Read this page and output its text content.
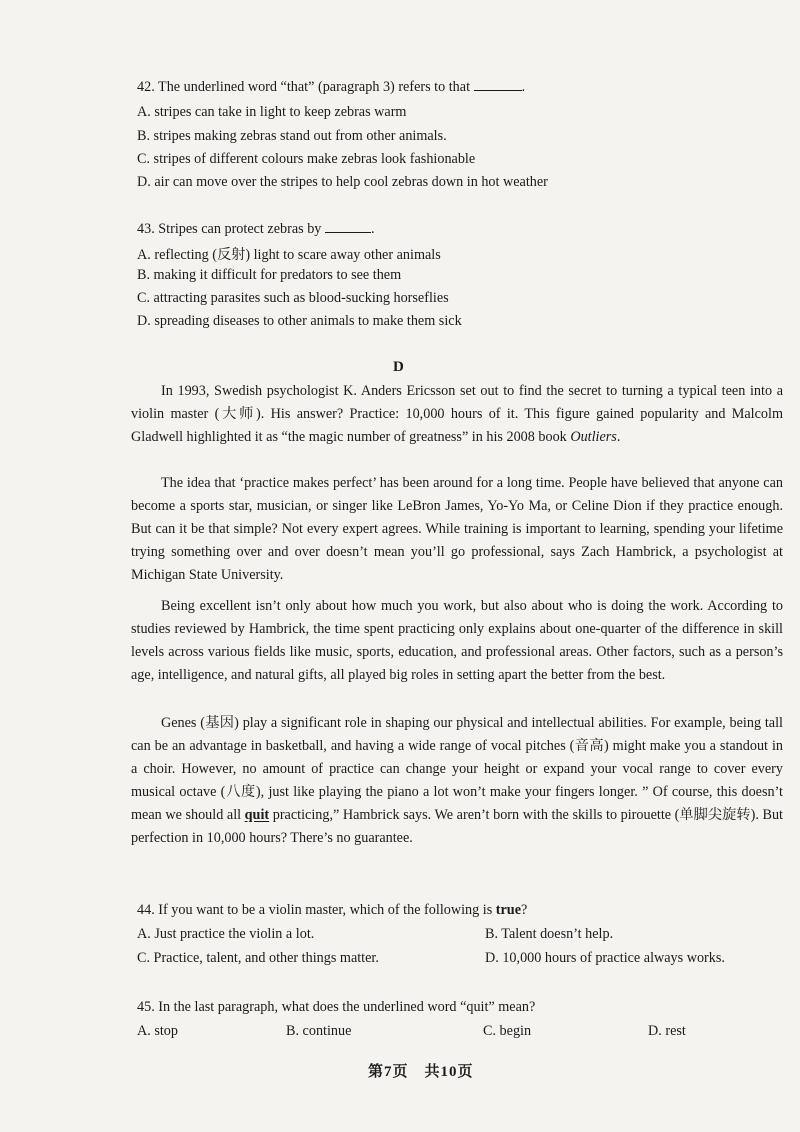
42. The underlined word “that” (paragraph 3) refers to that	.
A. stripes can take in light to keep zebras warm
B. stripes making zebras stand out from other animals.
C. stripes of different colours make zebras look fashionable
D. air can move over the stripes to help cool zebras down in hot weather
43. Stripes can protect zebras by	.
A. reflecting (反射) light to scare away other animals
B. making it difficult for predators to see them
C. attracting parasites such as blood-sucking horseflies
D. spreading diseases to other animals to make them sick
D

In 1993, Swedish psychologist K. Anders Ericsson set out to find the secret to turning a typical teen into a violin master (大师). His answer? Practice: 10,000 hours of it. This figure gained popularity and Malcolm Gladwell highlighted it as “the magic number of greatness” in his 2008 book Outliers.

The idea that ‘practice makes perfect’ has been around for a long time. People have believed that anyone can become a sports star, musician, or singer like LeBron James, Yo-Yo Ma, or Celine Dion if they practice enough. But can it be that simple? Not every expert agrees. While training is important to learning, spending your lifetime trying something over and over doesn’t mean you’ll go professional, says Zach Hambrick, a psychologist at Michigan State University.

Being excellent isn’t only about how much you work, but also about who is doing the work. According to studies reviewed by Hambrick, the time spent practicing only explains about one-quarter of the difference in skill levels across various fields like music, sports, education, and professional areas. Other factors, such as a person’s age, intelligence, and natural gifts, all played big roles in setting apart the better from the best.

Genes (基因) play a significant role in shaping our physical and intellectual abilities. For example, being tall can be an advantage in basketball, and having a wide range of vocal pitches (音高) might make you a standout in a choir. However, no amount of practice can change your height or expand your vocal range to cover every musical octave (八度), just like playing the piano a lot won’t make your fingers longer. ” Of course, this doesn’t mean we should all quit practicing,” Hambrick says. We aren’t born with the skills to pirouette (单脚尖旋转). But perfection in 10,000 hours? There’s no guarantee.

44. If you want to be a violin master, which of the following is true?
A. Just practice the violin a lot.	B. Talent doesn’t help.
C. Practice, talent, and other things matter.	D. 10,000 hours of practice always works.
45. In the last paragraph, what does the underlined word “quit” mean?
A. stop	B. continue	C. begin	D. rest
第7页　共10页
